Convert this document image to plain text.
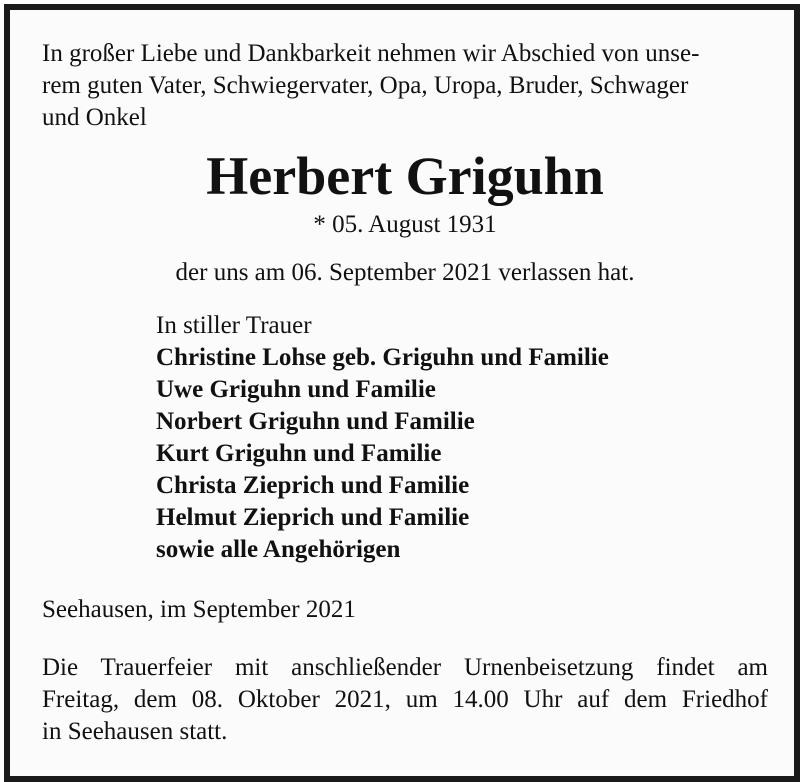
In großer Liebe und Dankbarkeit nehmen wir Abschied von unse-
rem guten Vater, Schwiegervater, Opa, Uropa, Bruder, Schwager
und Onkel

Herbert Griguhn

* 05. August 1931

der uns am 06. September 2021 verlassen hat.

In stiller Trauer
Christine Lohse geb. Griguhn und Familie
Uwe Griguhn und Familie
Norbert Griguhn und Familie
Kurt Griguhn und Familie
Christa Zieprich und Familie
Helmut Zieprich und Familie
sowie alle Angehörigen

Seehausen, im September 2021

Die Trauerfeier mit anschließender Urnenbeisetzung findet am
Freitag, dem 08. Oktober 2021, um 14.00 Uhr auf dem Friedhof
in Seehausen statt.
